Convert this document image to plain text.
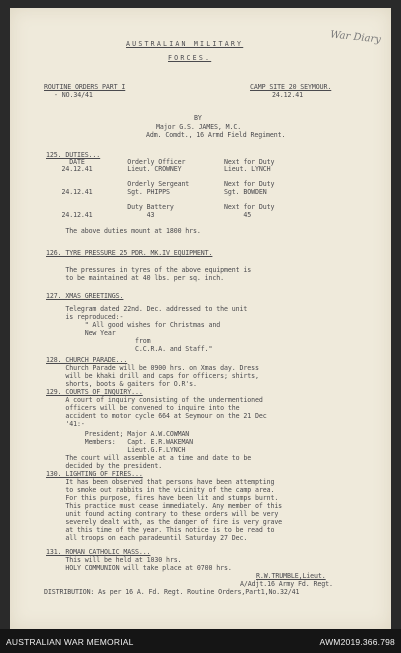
AUSTRALIAN MILITARY
FORCES.
War Diary
ROUTINE ORDERS PART I
- NO.34/41
CAMP SITE 20 SEYMOUR.
24.12.41
BY
Major G.S. JAMES, M.C.
Adm. Comdt., 16 Armd Field Regiment.
125. DUTIES...
DATE           Orderly Officer          Next for Duty
24.12.41         Lieut. CROWNEY           Lieut. LYNCH
Orderly Sergeant         Next for Duty
24.12.41         Sgt. PHIPPS              Sgt. BOWDEN
Duty Battery             Next for Duty
24.12.41              43                       45
The above duties mount at 1800 hrs.
126. TYRE PRESSURE 25 PDR. MK.IV EQUIPMENT.
The pressures in tyres of the above equipment is
to be maintained at 40 lbs. per sq. inch.
127. XMAS GREETINGS.
Telegram dated 22nd. Dec. addressed to the unit
is reproduced:-
" All good wishes for Christmas and
New Year
from
C.C.R.A. and Staff."
128. CHURCH PARADE...
Church Parade will be 0900 hrs. on Xmas day. Dress
will be khaki drill and caps for officers; shirts,
shorts, boots & gaiters for O.R's.
129. COURTS OF INQUIRY...
A court of inquiry consisting of the undermentioned
officers will be convened to inquire into the
accident to motor cycle 664 at Seymour on the 21 Dec
'41:-
President; Major A.W.COWMAN
Members:   Capt. E.R.WAKEMAN
Lieut.G.F.LYNCH
The court will assemble at a time and date to be
decided by the president.
130. LIGHTING OF FIRES...
It has been observed that persons have been attempting
to smoke out rabbits in the vicinity of the camp area.
For this purpose, fires have been lit and stumps burnt.
This practice must cease immediately. Any member of this
unit found acting contrary to these orders will be very
severely dealt with, as the danger of fire is very grave
at this time of the year. This notice is to be read to
all troops on each paradeuntil Saturday 27 Dec.
131. ROMAN CATHOLIC MASS...
This will be held at 1030 hrs.
HOLY COMMUNION will take place at 0700 hrs.
R.W.TRUMBLE,Lieut.
A/Adjt.16 Army Fd. Regt.
DISTRIBUTION: As per 16 A. Fd. Regt. Routine Orders,Part1,No.32/41
AUSTRALIAN WAR MEMORIAL	AWM2019.366.798
